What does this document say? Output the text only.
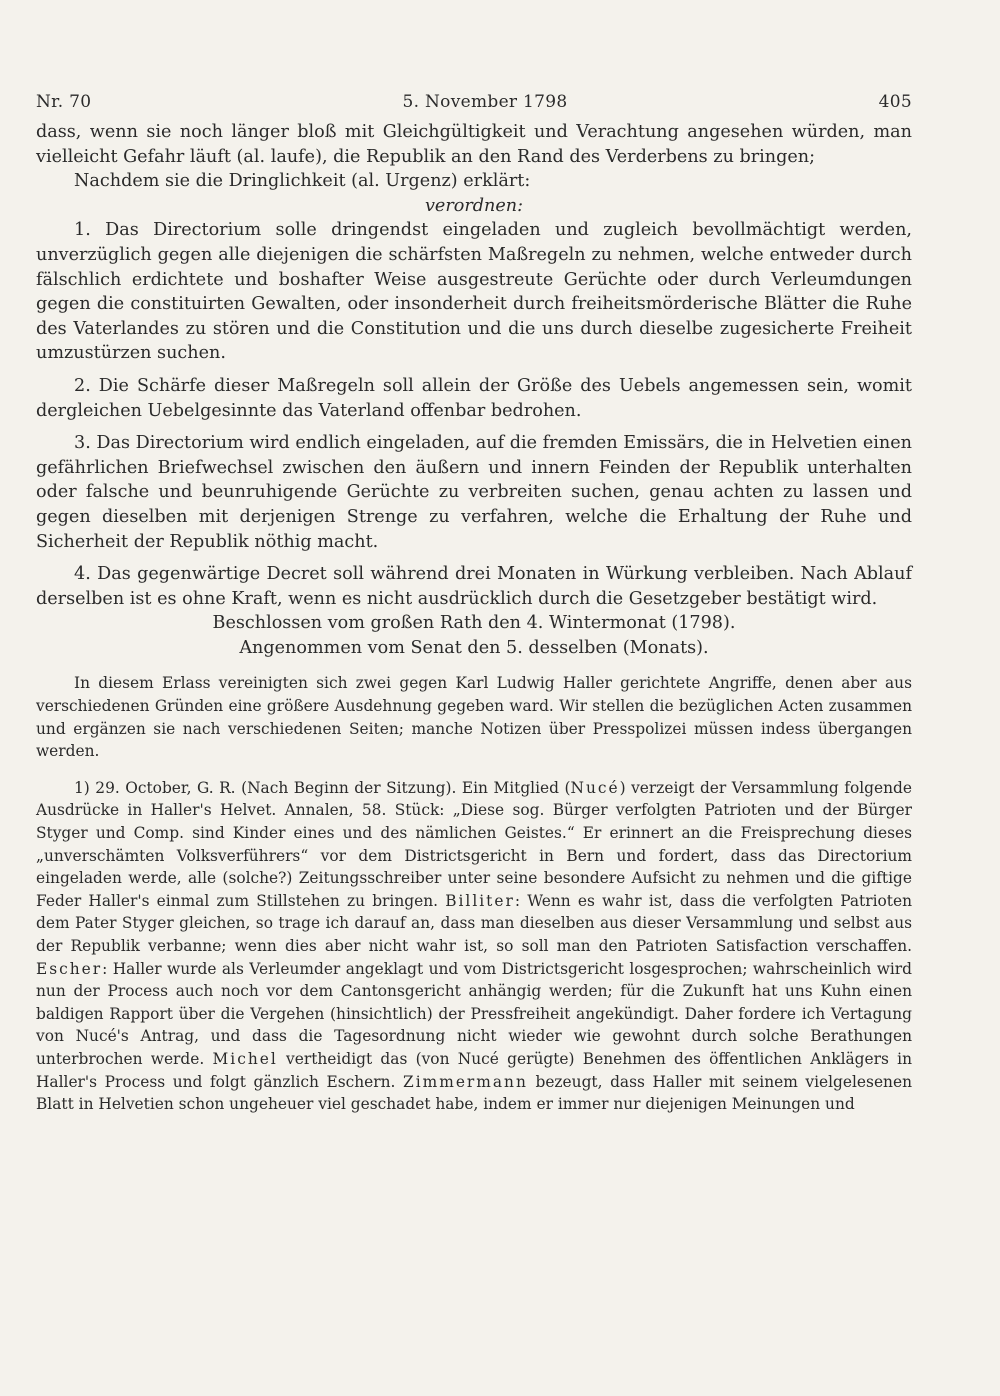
Nr. 70	5. November 1798	405

dass, wenn sie noch länger bloß mit Gleichgültigkeit und Verachtung angesehen würden, man vielleicht Gefahr läuft (al. laufe), die Republik an den Rand des Verderbens zu bringen;

Nachdem sie die Dringlichkeit (al. Urgenz) erklärt:

verordnen:

1. Das Directorium solle dringendst eingeladen und zugleich bevollmächtigt werden, unverzüglich gegen alle diejenigen die schärfsten Maßregeln zu nehmen, welche entweder durch fälschlich erdichtete und boshafter Weise ausgestreute Gerüchte oder durch Verleumdungen gegen die constituirten Gewalten, oder insonderheit durch freiheitsmörderische Blätter die Ruhe des Vaterlandes zu stören und die Constitution und die uns durch dieselbe zugesicherte Freiheit umzustürzen suchen.

2. Die Schärfe dieser Maßregeln soll allein der Größe des Uebels angemessen sein, womit dergleichen Uebelgesinnte das Vaterland offenbar bedrohen.

3. Das Directorium wird endlich eingeladen, auf die fremden Emissärs, die in Helvetien einen gefährlichen Briefwechsel zwischen den äußern und innern Feinden der Republik unterhalten oder falsche und beunruhigende Gerüchte zu verbreiten suchen, genau achten zu lassen und gegen dieselben mit derjenigen Strenge zu verfahren, welche die Erhaltung der Ruhe und Sicherheit der Republik nöthig macht.

4. Das gegenwärtige Decret soll während drei Monaten in Würkung verbleiben. Nach Ablauf derselben ist es ohne Kraft, wenn es nicht ausdrücklich durch die Gesetzgeber bestätigt wird.

Beschlossen vom großen Rath den 4. Wintermonat (1798).

Angenommen vom Senat den 5. desselben (Monats).

In diesem Erlass vereinigten sich zwei gegen Karl Ludwig Haller gerichtete Angriffe, denen aber aus verschiedenen Gründen eine größere Ausdehnung gegeben ward. Wir stellen die bezüglichen Acten zusammen und ergänzen sie nach verschiedenen Seiten; manche Notizen über Presspolizei müssen indess übergangen werden.

1) 29. October, G. R. (Nach Beginn der Sitzung). Ein Mitglied (Nucé) verzeigt der Versammlung folgende Ausdrücke in Haller's Helvet. Annalen, 58. Stück: „Diese sog. Bürger verfolgten Patrioten und der Bürger Styger und Comp. sind Kinder eines und des nämlichen Geistes.“ Er erinnert an die Freisprechung dieses „unverschämten Volksverführers“ vor dem Districtsgericht in Bern und fordert, dass das Directorium eingeladen werde, alle (solche?) Zeitungsschreiber unter seine besondere Aufsicht zu nehmen und die giftige Feder Haller's einmal zum Stillstehen zu bringen. Billiter: Wenn es wahr ist, dass die verfolgten Patrioten dem Pater Styger gleichen, so trage ich darauf an, dass man dieselben aus dieser Versammlung und selbst aus der Republik verbanne; wenn dies aber nicht wahr ist, so soll man den Patrioten Satisfaction verschaffen. Escher: Haller wurde als Verleumder angeklagt und vom Districtsgericht losgesprochen; wahrscheinlich wird nun der Process auch noch vor dem Cantonsgericht anhängig werden; für die Zukunft hat uns Kuhn einen baldigen Rapport über die Vergehen (hinsichtlich) der Pressfreiheit angekündigt. Daher fordere ich Vertagung von Nucé's Antrag, und dass die Tagesordnung nicht wieder wie gewohnt durch solche Berathungen unterbrochen werde. Michel vertheidigt das (von Nucé gerügte) Benehmen des öffentlichen Anklägers in Haller's Process und folgt gänzlich Eschern. Zimmermann bezeugt, dass Haller mit seinem vielgelesenen Blatt in Helvetien schon ungeheuer viel geschadet habe, indem er immer nur diejenigen Meinungen und
